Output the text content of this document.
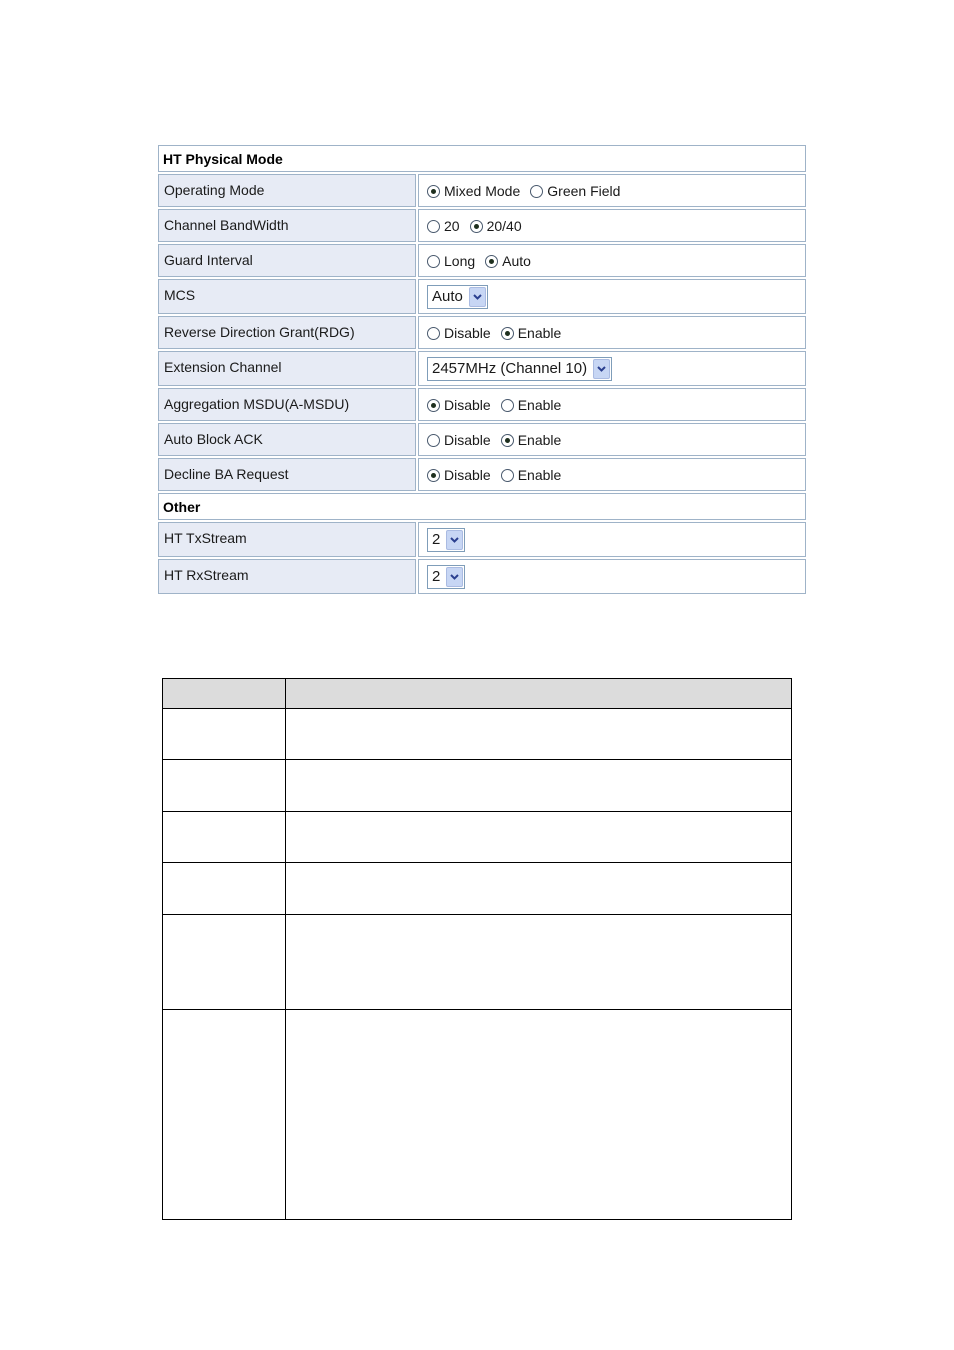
HT Physical Mode
Operating Mode	Mixed Mode Green Field
Channel BandWidth	20 20/40
Guard Interval	Long Auto
MCS	Auto
Reverse Direction Grant(RDG)	Disable Enable
Extension Channel	2457MHz (Channel 10)
Aggregation MSDU(A-MSDU)	Disable Enable
Auto Block ACK	Disable Enable
Decline BA Request	Disable Enable
Other
HT TxStream	2
HT RxStream	2
